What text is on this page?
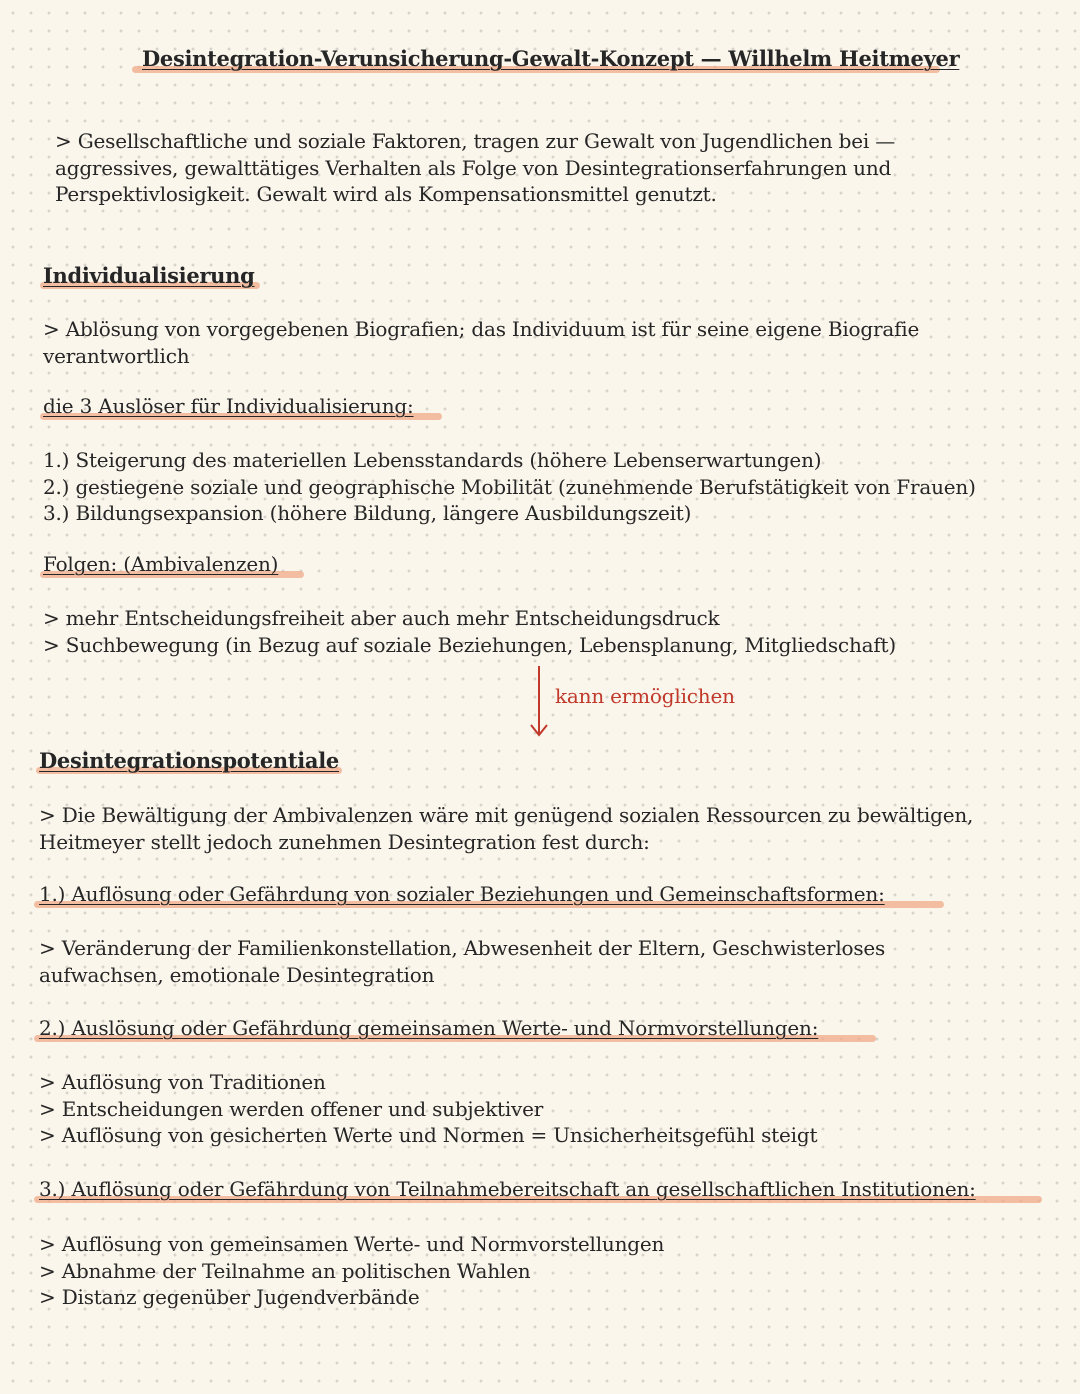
Desintegration-Verunsicherung-Gewalt-Konzept — Willhelm Heitmeyer
> Gesellschaftliche und soziale Faktoren, tragen zur Gewalt von Jugendlichen bei —
aggressives, gewalttätiges Verhalten als Folge von Desintegrationserfahrungen und
Perspektivlosigkeit. Gewalt wird als Kompensationsmittel genutzt.
Individualisierung
> Ablösung von vorgegebenen Biografien; das Individuum ist für seine eigene Biografie
verantwortlich
die 3 Auslöser für Individualisierung:
1.) Steigerung des materiellen Lebensstandards (höhere Lebenserwartungen)
2.) gestiegene soziale und geographische Mobilität (zunehmende Berufstätigkeit von Frauen)
3.) Bildungsexpansion (höhere Bildung, längere Ausbildungszeit)
Folgen: (Ambivalenzen)
> mehr Entscheidungsfreiheit aber auch mehr Entscheidungsdruck
> Suchbewegung (in Bezug auf soziale Beziehungen, Lebensplanung, Mitgliedschaft)
kann ermöglichen
Desintegrationspotentiale
> Die Bewältigung der Ambivalenzen wäre mit genügend sozialen Ressourcen zu bewältigen,
Heitmeyer stellt jedoch zunehmen Desintegration fest durch:
1.) Auflösung oder Gefährdung von sozialer Beziehungen und Gemeinschaftsformen:
> Veränderung der Familienkonstellation, Abwesenheit der Eltern, Geschwisterloses
aufwachsen, emotionale Desintegration
2.) Auslösung oder Gefährdung gemeinsamen Werte- und Normvorstellungen:
> Auflösung von Traditionen
> Entscheidungen werden offener und subjektiver
> Auflösung von gesicherten Werte und Normen = Unsicherheitsgefühl steigt
3.) Auflösung oder Gefährdung von Teilnahmebereitschaft an gesellschaftlichen Institutionen:
> Auflösung von gemeinsamen Werte- und Normvorstellungen
> Abnahme der Teilnahme an politischen Wahlen
> Distanz gegenüber Jugendverbände
